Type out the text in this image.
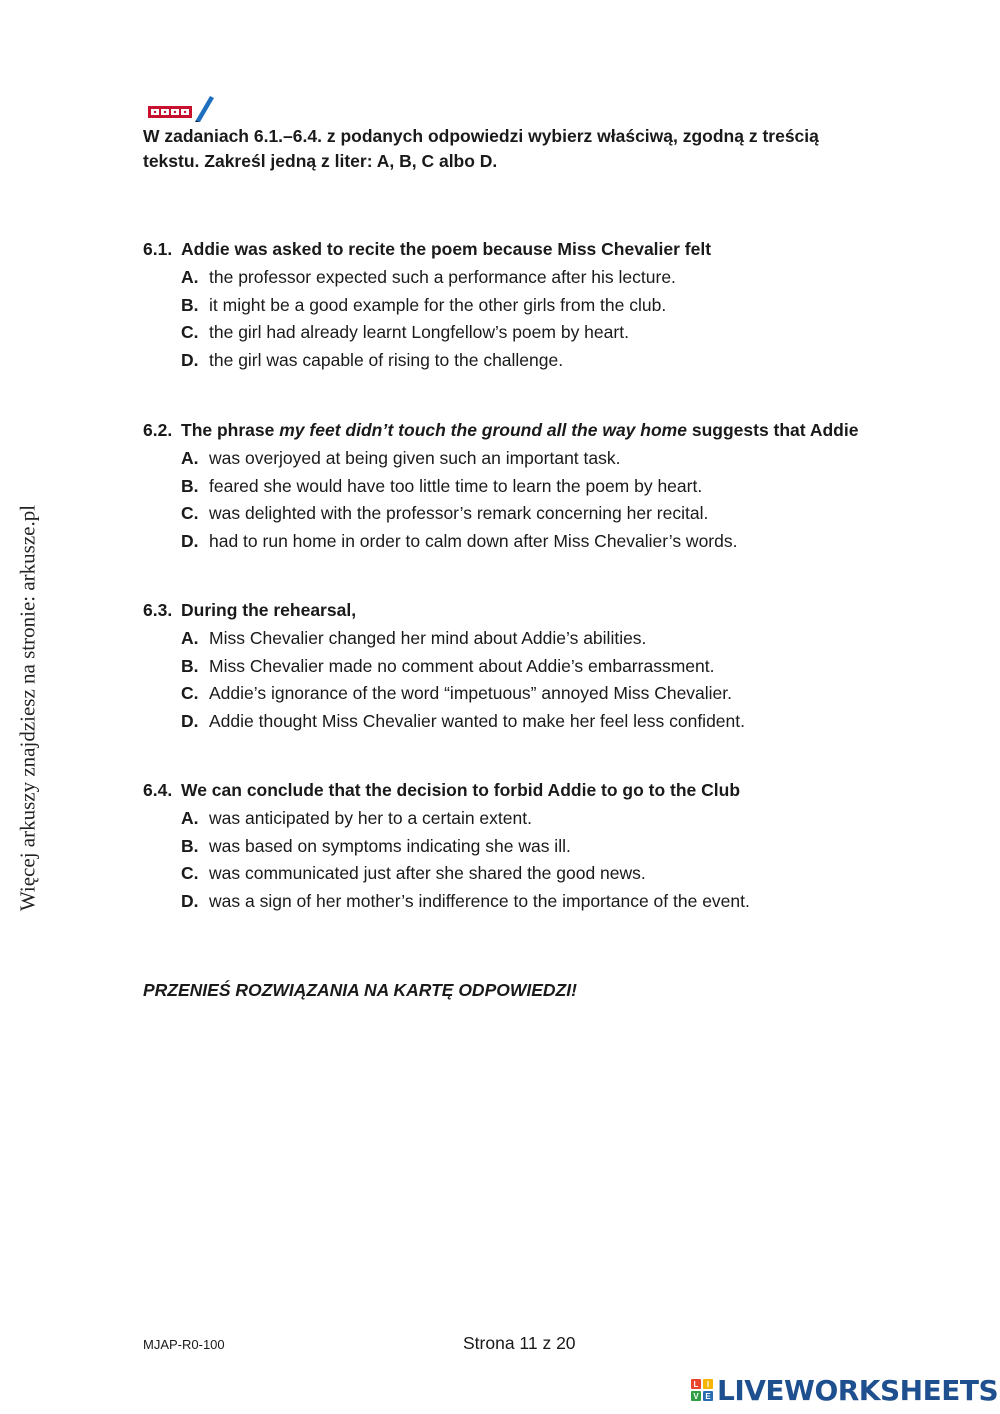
Więcej arkuszy znajdziesz na stronie: arkusze.pl

W zadaniach 6.1.–6.4. z podanych odpowiedzi wybierz właściwą, zgodną z treścią
tekstu. Zakreśl jedną z liter: A, B, C albo D.

6.1. Addie was asked to recite the poem because Miss Chevalier felt
A. the professor expected such a performance after his lecture.
B. it might be a good example for the other girls from the club.
C. the girl had already learnt Longfellow’s poem by heart.
D. the girl was capable of rising to the challenge.
6.2. The phrase my feet didn’t touch the ground all the way home suggests that Addie
A. was overjoyed at being given such an important task.
B. feared she would have too little time to learn the poem by heart.
C. was delighted with the professor’s remark concerning her recital.
D. had to run home in order to calm down after Miss Chevalier’s words.
6.3. During the rehearsal,
A. Miss Chevalier changed her mind about Addie’s abilities.
B. Miss Chevalier made no comment about Addie’s embarrassment.
C. Addie’s ignorance of the word “impetuous” annoyed Miss Chevalier.
D. Addie thought Miss Chevalier wanted to make her feel less confident.
6.4. We can conclude that the decision to forbid Addie to go to the Club
A. was anticipated by her to a certain extent.
B. was based on symptoms indicating she was ill.
C. was communicated just after she shared the good news.
D. was a sign of her mother’s indifference to the importance of the event.
PRZENIEŚ ROZWIĄZANIA NA KARTĘ ODPOWIEDZI!
MJAP-R0-100	Strona 11 z 20
L	I
V E LIVEWORKSHEETS
